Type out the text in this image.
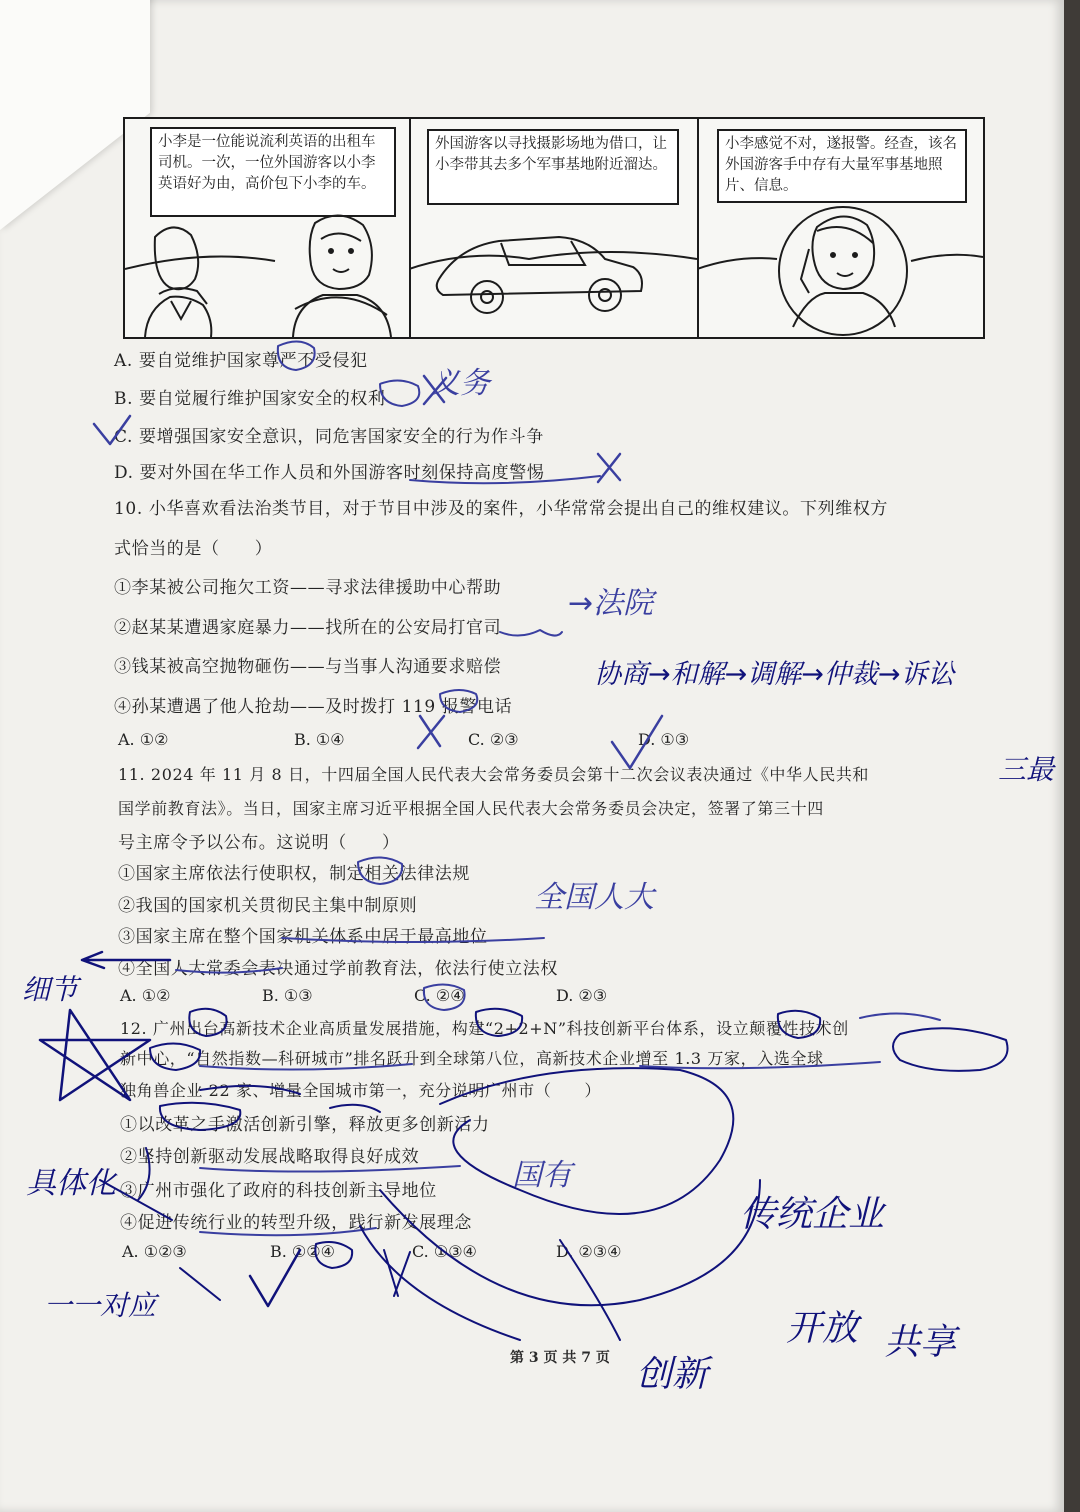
小李是一位能说流利英语的出租车司机。一次，一位外国游客以小李英语好为由，高价包下小李的车。
外国游客以寻找摄影场地为借口，让小李带其去多个军事基地附近溜达。
小李感觉不对，遂报警。经查，该名外国游客手中存有大量军事基地照片、信息。
A. 要自觉维护国家尊严不受侵犯
B. 要自觉履行维护国家安全的权利
C. 要增强国家安全意识，同危害国家安全的行为作斗争
D. 要对外国在华工作人员和外国游客时刻保持高度警惕
10. 小华喜欢看法治类节目，对于节目中涉及的案件，小华常常会提出自己的维权建议。下列维权方
式恰当的是（　　）
①李某被公司拖欠工资——寻求法律援助中心帮助
②赵某某遭遇家庭暴力——找所在的公安局打官司
③钱某被高空抛物砸伤——与当事人沟通要求赔偿
④孙某遭遇了他人抢劫——及时拨打 119 报警电话
A. ①②	B. ①④	C. ②③	D. ①③
11. 2024 年 11 月 8 日，十四届全国人民代表大会常务委员会第十二次会议表决通过《中华人民共和
国学前教育法》。当日，国家主席习近平根据全国人民代表大会常务委员会决定，签署了第三十四
号主席令予以公布。这说明（　　）
①国家主席依法行使职权，制定相关法律法规
②我国的国家机关贯彻民主集中制原则
③国家主席在整个国家机关体系中居于最高地位
④全国人大常委会表决通过学前教育法，依法行使立法权
A. ①②	B. ①③	C. ②④	D. ②③
12. 广州出台高新技术企业高质量发展措施，构建“2+2+N”科技创新平台体系，设立颠覆性技术创
新中心，“自然指数—科研城市”排名跃升到全球第八位，高新技术企业增至 1.3 万家，入选全球
独角兽企业 22 家、增量全国城市第一，充分说明广州市（　　）
①以改革之手激活创新引擎，释放更多创新活力
②坚持创新驱动发展战略取得良好成效
③广州市强化了政府的科技创新主导地位
④促进传统行业的转型升级，践行新发展理念
A. ①②③	B. ①②④	C. ①③④	D. ②③④
第 3 页 共 7 页
义务
→法院
协商→和解→调解→仲裁→诉讼
三最
全国人大
细节
国有
具体化
一一对应
传统企业
创新
开放 共享
